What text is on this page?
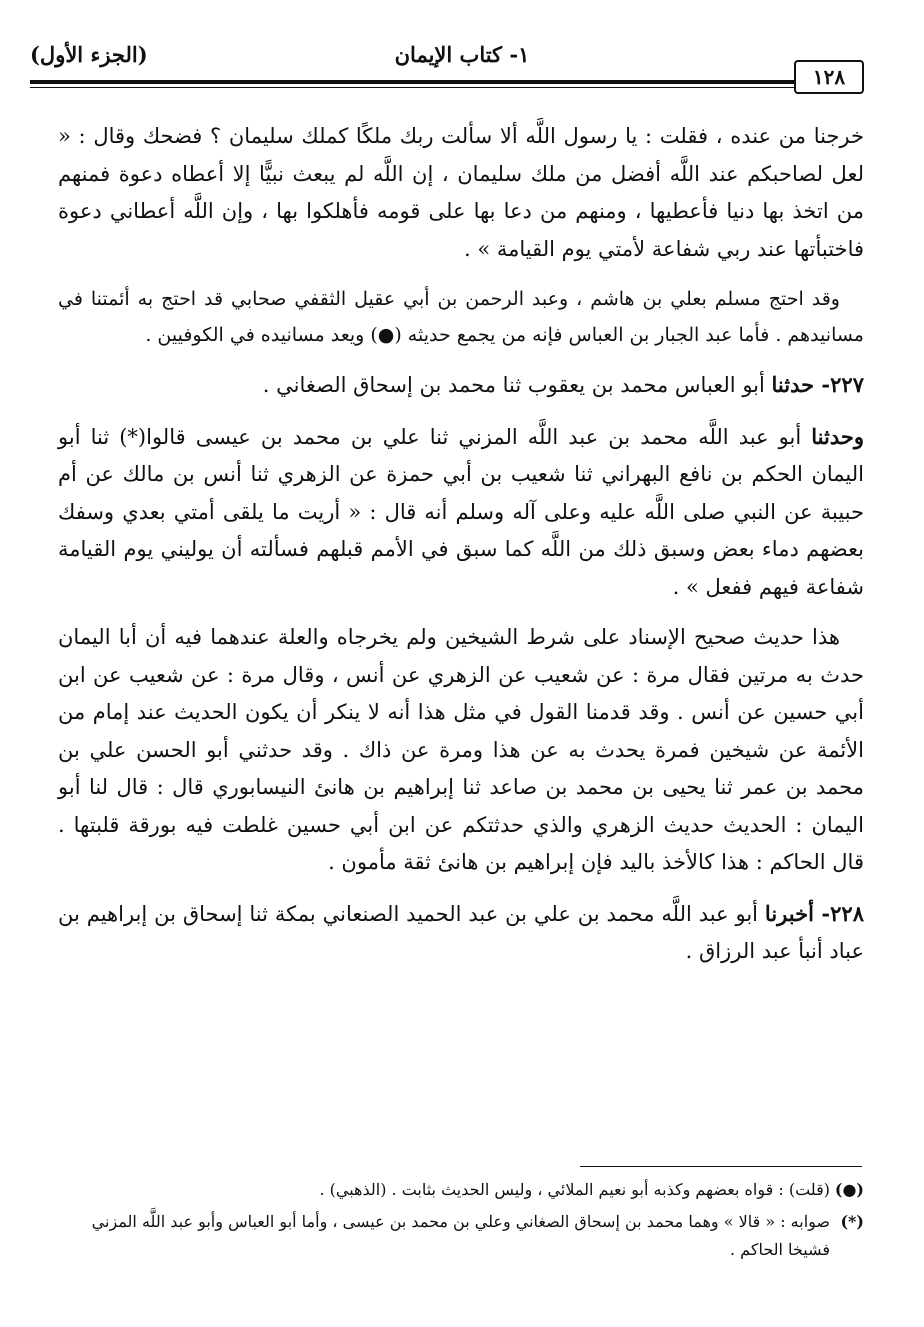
١- كتاب الإيمان
(الجزء الأول)
١٢٨

خرجنا من عنده ، فقلت : يا رسول اللَّه ألا سألت ربك ملكًا كملك سليمان ؟ فضحك وقال : « لعل لصاحبكم عند اللَّه أفضل من ملك سليمان ، إن اللَّه لم يبعث نبيًّا إلا أعطاه دعوة فمنهم من اتخذ بها دنيا فأعطيها ، ومنهم من دعا بها على قومه فأهلكوا بها ، وإن اللَّه أعطاني دعوة فاختبأتها عند ربي شفاعة لأمتي يوم القيامة » .

وقد احتج مسلم بعلي بن هاشم ، وعبد الرحمن بن أبي عقيل الثقفي صحابي قد احتج به أئمتنا في مسانيدهم . فأما عبد الجبار بن العباس فإنه من يجمع حديثه (●) ويعد مسانيده في الكوفيين .

٢٢٧- حدثنا أبو العباس محمد بن يعقوب ثنا محمد بن إسحاق الصغاني .

وحدثنا أبو عبد اللَّه محمد بن عبد اللَّه المزني ثنا علي بن محمد بن عيسى قالوا(*) ثنا أبو اليمان الحكم بن نافع البهراني ثنا شعيب بن أبي حمزة عن الزهري ثنا أنس بن مالك عن أم حبيبة عن النبي صلى اللَّه عليه وعلى آله وسلم أنه قال : « أريت ما يلقى أمتي بعدي وسفك بعضهم دماء بعض وسبق ذلك من اللَّه كما سبق في الأمم قبلهم فسألته أن يوليني يوم القيامة شفاعة فيهم ففعل » .

هذا حديث صحيح الإسناد على شرط الشيخين ولم يخرجاه والعلة عندهما فيه أن أبا اليمان حدث به مرتين فقال مرة : عن شعيب عن الزهري عن أنس ، وقال مرة : عن شعيب عن ابن أبي حسين عن أنس . وقد قدمنا القول في مثل هذا أنه لا ينكر أن يكون الحديث عند إمام من الأئمة عن شيخين فمرة يحدث به عن هذا ومرة عن ذاك . وقد حدثني أبو الحسن علي بن محمد بن عمر ثنا يحيى بن محمد بن صاعد ثنا إبراهيم بن هانئ النيسابوري قال : قال لنا أبو اليمان : الحديث حديث الزهري والذي حدثتكم عن ابن أبي حسين غلطت فيه بورقة قلبتها . قال الحاكم : هذا كالأخذ باليد فإن إبراهيم بن هانئ ثقة مأمون .

٢٢٨- أخبرنا أبو عبد اللَّه محمد بن علي بن عبد الحميد الصنعاني بمكة ثنا إسحاق بن إبراهيم بن عباد أنبأ عبد الرزاق .

(●)
(قلت) : قواه بعضهم وكذبه أبو نعيم الملائي ، وليس الحديث بثابت . (الذهبي) .
(*)
صوابه : « قالا » وهما محمد بن إسحاق الصغاني وعلي بن محمد بن عيسى ، وأما أبو العباس وأبو عبد اللَّه المزني فشيخا الحاكم .
